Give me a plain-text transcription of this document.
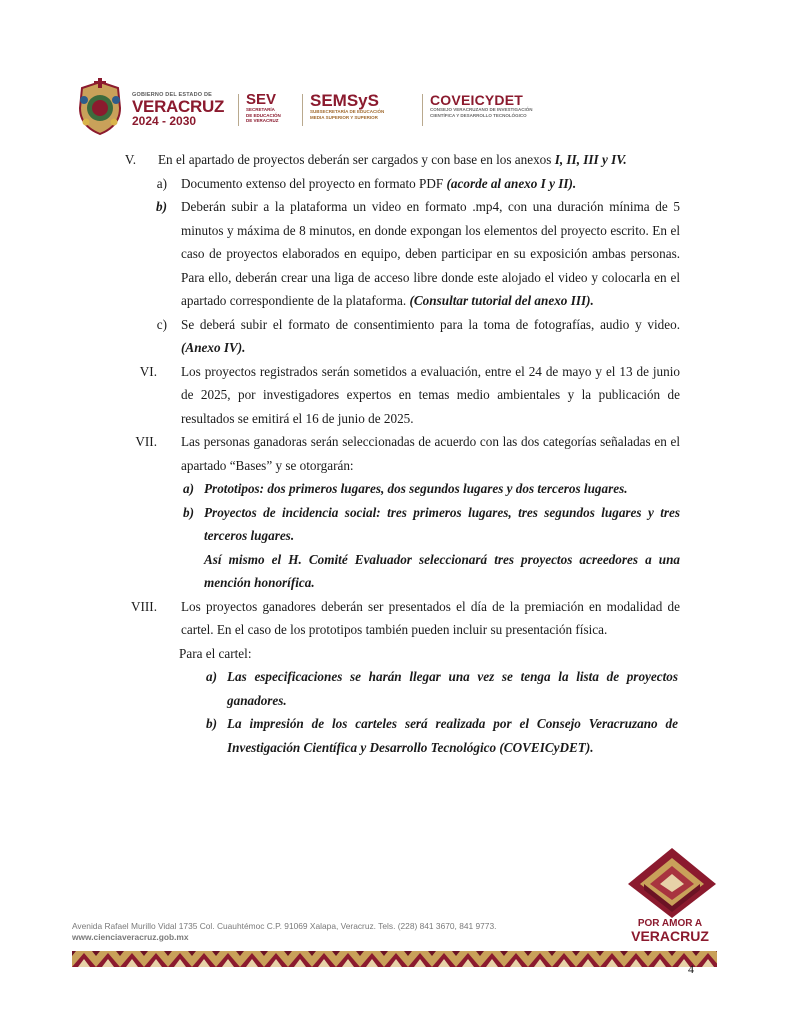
GOBIERNO DEL ESTADO DE
VERACRUZ
2024 - 2030
SEV
SECRETARÍA
DE EDUCACIÓN
DE VERACRUZ
SEMSyS
SUBSECRETARÍA DE EDUCACIÓN
MEDIA SUPERIOR Y SUPERIOR
COVEICYDET
CONSEJO VERACRUZANO DE INVESTIGACIÓN
CIENTÍFICA Y DESARROLLO TECNOLÓGICO
V. En el apartado de proyectos deberán ser cargados y con base en los anexos I, II, III y IV.
a) Documento extenso del proyecto en formato PDF (acorde al anexo I y II).
b) Deberán subir a la plataforma un video en formato .mp4, con una duración mínima de 5 minutos y máxima de 8 minutos, en donde expongan los elementos del proyecto escrito. En el caso de proyectos elaborados en equipo, deben participar en su exposición ambas personas. Para ello, deberán crear una liga de acceso libre donde este alojado el video y colocarla en el apartado correspondiente de la plataforma. (Consultar tutorial del anexo III).
c) Se deberá subir el formato de consentimiento para la toma de fotografías, audio y video. (Anexo IV).
VI. Los proyectos registrados serán sometidos a evaluación, entre el 24 de mayo y el 13 de junio de 2025, por investigadores expertos en temas medio ambientales y la publicación de resultados se emitirá el 16 de junio de 2025.
VII. Las personas ganadoras serán seleccionadas de acuerdo con las dos categorías señaladas en el apartado “Bases” y se otorgarán:
a) Prototipos: dos primeros lugares, dos segundos lugares y dos terceros lugares.
b) Proyectos de incidencia social: tres primeros lugares, tres segundos lugares y tres terceros lugares.
Así mismo el H. Comité Evaluador seleccionará tres proyectos acreedores a una mención honorífica.
VIII. Los proyectos ganadores deberán ser presentados el día de la premiación en modalidad de cartel. En el caso de los prototipos también pueden incluir su presentación física.
Para el cartel:
a) Las especificaciones se harán llegar una vez se tenga la lista de proyectos ganadores.
b) La impresión de los carteles será realizada por el Consejo Veracruzano de Investigación Científica y Desarrollo Tecnológico (COVEICyDET).
POR AMOR A
VERACRUZ
Avenida Rafael Murillo Vidal 1735 Col. Cuauhtémoc C.P. 91069 Xalapa, Veracruz. Tels. (228) 841 3670, 841 9773.
www.cienciaveracruz.gob.mx
4
